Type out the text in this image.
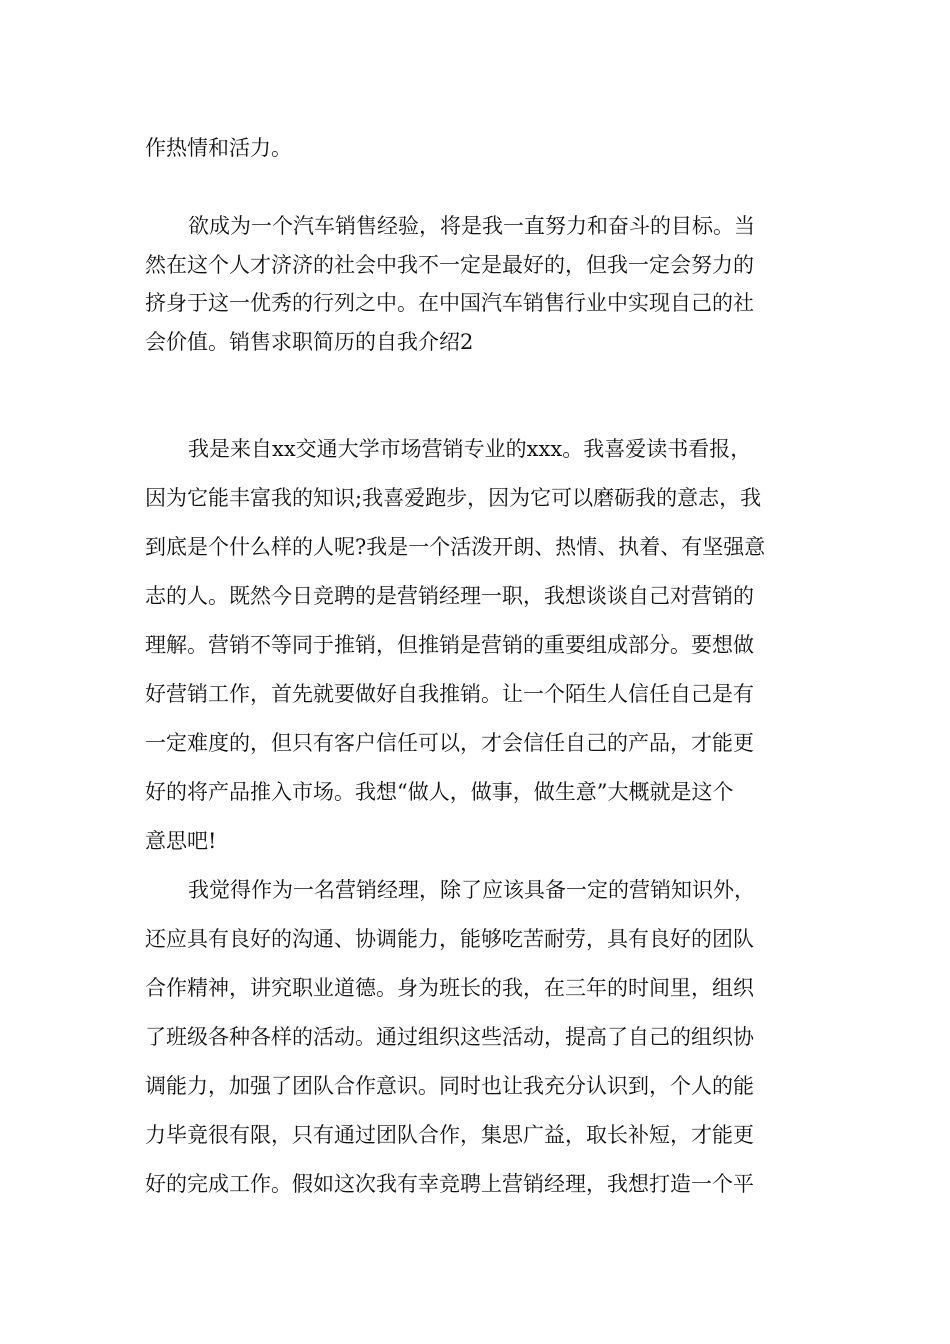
作热情和活力。
欲成为一个汽车销售经验，将是我一直努力和奋斗的目标。当
然在这个人才济济的社会中我不一定是最好的，但我一定会努力的
挤身于这一优秀的行列之中。在中国汽车销售行业中实现自己的社
会价值。销售求职简历的自我介绍2
我是来自xx交通大学市场营销专业的xxx。我喜爱读书看报，
因为它能丰富我的知识;我喜爱跑步，因为它可以磨砺我的意志，我
到底是个什么样的人呢?我是一个活泼开朗、热情、执着、有坚强意
志的人。既然今日竞聘的是营销经理一职，我想谈谈自己对营销的
理解。营销不等同于推销，但推销是营销的重要组成部分。要想做
好营销工作，首先就要做好自我推销。让一个陌生人信任自己是有
一定难度的，但只有客户信任可以，才会信任自己的产品，才能更
好的将产品推入市场。我想“做人，做事，做生意”大概就是这个
意思吧!
我觉得作为一名营销经理，除了应该具备一定的营销知识外，
还应具有良好的沟通、协调能力，能够吃苦耐劳，具有良好的团队
合作精神，讲究职业道德。身为班长的我，在三年的时间里，组织
了班级各种各样的活动。通过组织这些活动，提高了自己的组织协
调能力，加强了团队合作意识。同时也让我充分认识到，个人的能
力毕竟很有限，只有通过团队合作，集思广益，取长补短，才能更
好的完成工作。假如这次我有幸竞聘上营销经理，我想打造一个平
